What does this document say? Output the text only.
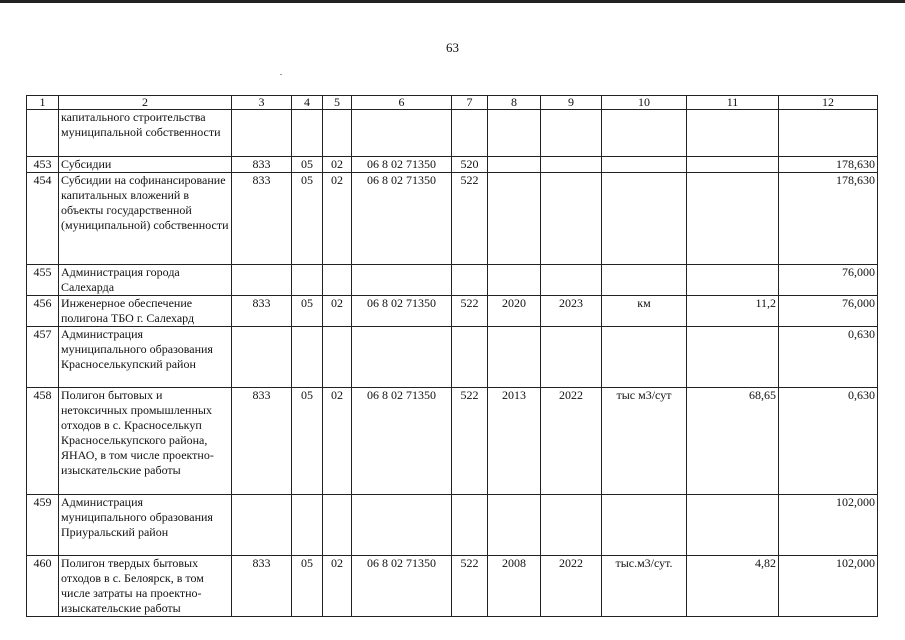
63
1	2	3	4	5	6	7	8	9	10	11	12
	капитального строительства муниципальной собственности										
453	Субсидии	833	05	02	06 8 02 71350	520					178,630
454	Субсидии на софинансирование капитальных вложений в объекты государственной (муниципальной) собственности	833	05	02	06 8 02 71350	522					178,630
455	Администрация города Салехарда										76,000
456	Инженерное обеспечение полигона ТБО г. Салехард	833	05	02	06 8 02 71350	522	2020	2023	км	11,2	76,000
457	Администрация муниципального образования Красноселькупский район										0,630
458	Полигон бытовых и нетоксичных промышленных отходов в с. Красноселькуп Красноселькупского района, ЯНАО, в том числе проектно-изыскательские работы	833	05	02	06 8 02 71350	522	2013	2022	тыс м3/сут	68,65	0,630
459	Администрация муниципального образования Приуральский район										102,000
460	Полигон твердых бытовых отходов в с. Белоярск, в том числе затраты на проектно-изыскательские работы	833	05	02	06 8 02 71350	522	2008	2022	тыс.м3/сут.	4,82	102,000
